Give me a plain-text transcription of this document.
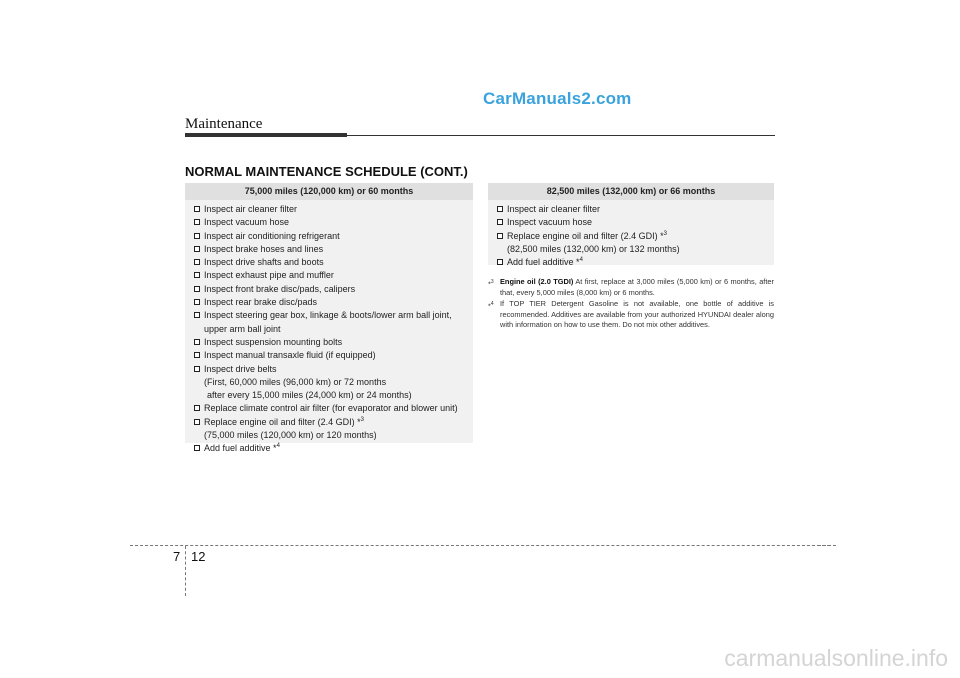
CarManuals2.com
Maintenance
NORMAL MAINTENANCE SCHEDULE (CONT.)
75,000 miles (120,000 km) or 60 months
Inspect air cleaner filter
Inspect vacuum hose
Inspect air conditioning refrigerant
Inspect brake hoses and lines
Inspect drive shafts and boots
Inspect exhaust pipe and muffler
Inspect front brake disc/pads, calipers
Inspect rear brake disc/pads
Inspect steering gear box, linkage & boots/lower arm ball joint,
upper arm ball joint
Inspect suspension mounting bolts
Inspect manual transaxle fluid (if equipped)
Inspect drive belts
(First, 60,000 miles (96,000 km) or 72 months
after every 15,000 miles (24,000 km) or 24 months)
Replace climate control air filter (for evaporator and blower unit)
Replace engine oil and filter (2.4 GDI) *$^3$
(75,000 miles (120,000 km) or 120 months)
Add fuel additive *$^4$
82,500 miles (132,000 km) or 66 months
Inspect air cleaner filter
Inspect vacuum hose
Replace engine oil and filter (2.4 GDI) *$^3$
(82,500 miles (132,000 km) or 132 months)
Add fuel additive *$^4$
*$^3$ Engine oil (2.0 TGDI) At first, replace at 3,000 miles (5,000 km) or 6 months, after that, every 5,000 miles (8,000 km) or 6 months.
*$^4$ If TOP TIER Detergent Gasoline is not available, one bottle of additive is recommended. Additives are available from your authorized HYUNDAI dealer along with information on how to use them. Do not mix other additives.
7 12
carmanualsonline.info
